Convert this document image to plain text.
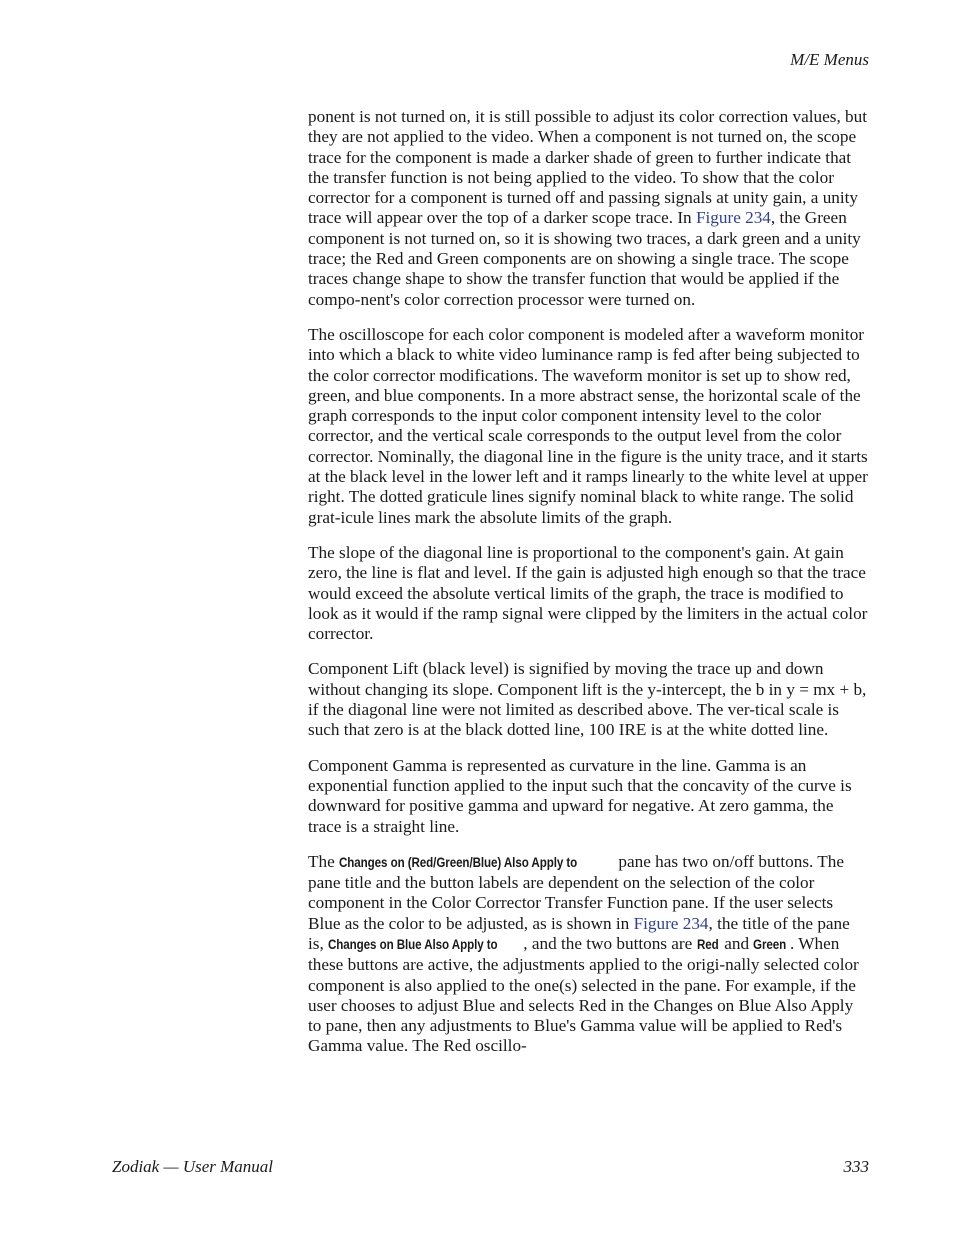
M/E Menus

ponent is not turned on, it is still possible to adjust its color correction values, but they are not applied to the video. When a component is not turned on, the scope trace for the component is made a darker shade of green to further indicate that the transfer function is not being applied to the video. To show that the color corrector for a component is turned off and passing signals at unity gain, a unity trace will appear over the top of a darker scope trace. In Figure 234, the Green component is not turned on, so it is showing two traces, a dark green and a unity trace; the Red and Green components are on showing a single trace. The scope traces change shape to show the transfer function that would be applied if the compo-nent's color correction processor were turned on.

The oscilloscope for each color component is modeled after a waveform monitor into which a black to white video luminance ramp is fed after being subjected to the color corrector modifications. The waveform monitor is set up to show red, green, and blue components. In a more abstract sense, the horizontal scale of the graph corresponds to the input color component intensity level to the color corrector, and the vertical scale corresponds to the output level from the color corrector. Nominally, the diagonal line in the figure is the unity trace, and it starts at the black level in the lower left and it ramps linearly to the white level at upper right. The dotted graticule lines signify nominal black to white range. The solid grat-icule lines mark the absolute limits of the graph.

The slope of the diagonal line is proportional to the component's gain. At gain zero, the line is flat and level. If the gain is adjusted high enough so that the trace would exceed the absolute vertical limits of the graph, the trace is modified to look as it would if the ramp signal were clipped by the limiters in the actual color corrector.

Component Lift (black level) is signified by moving the trace up and down without changing its slope. Component lift is the y-intercept, the b in y = mx + b, if the diagonal line were not limited as described above. The ver-tical scale is such that zero is at the black dotted line, 100 IRE is at the white dotted line.

Component Gamma is represented as curvature in the line. Gamma is an exponential function applied to the input such that the concavity of the curve is downward for positive gamma and upward for negative. At zero gamma, the trace is a straight line.

The Changes on (Red/Green/Blue) Also Apply to pane has two on/off buttons. The pane title and the button labels are dependent on the selection of the color component in the Color Corrector Transfer Function pane. If the user selects Blue as the color to be adjusted, as is shown in Figure 234, the title of the pane is, Changes on Blue Also Apply to , and the two buttons are Red and Green . When these buttons are active, the adjustments applied to the origi-nally selected color component is also applied to the one(s) selected in the pane. For example, if the user chooses to adjust Blue and selects Red in the Changes on Blue Also Apply to pane, then any adjustments to Blue's Gamma value will be applied to Red's Gamma value. The Red oscillo-

Zodiak — User Manual	333
